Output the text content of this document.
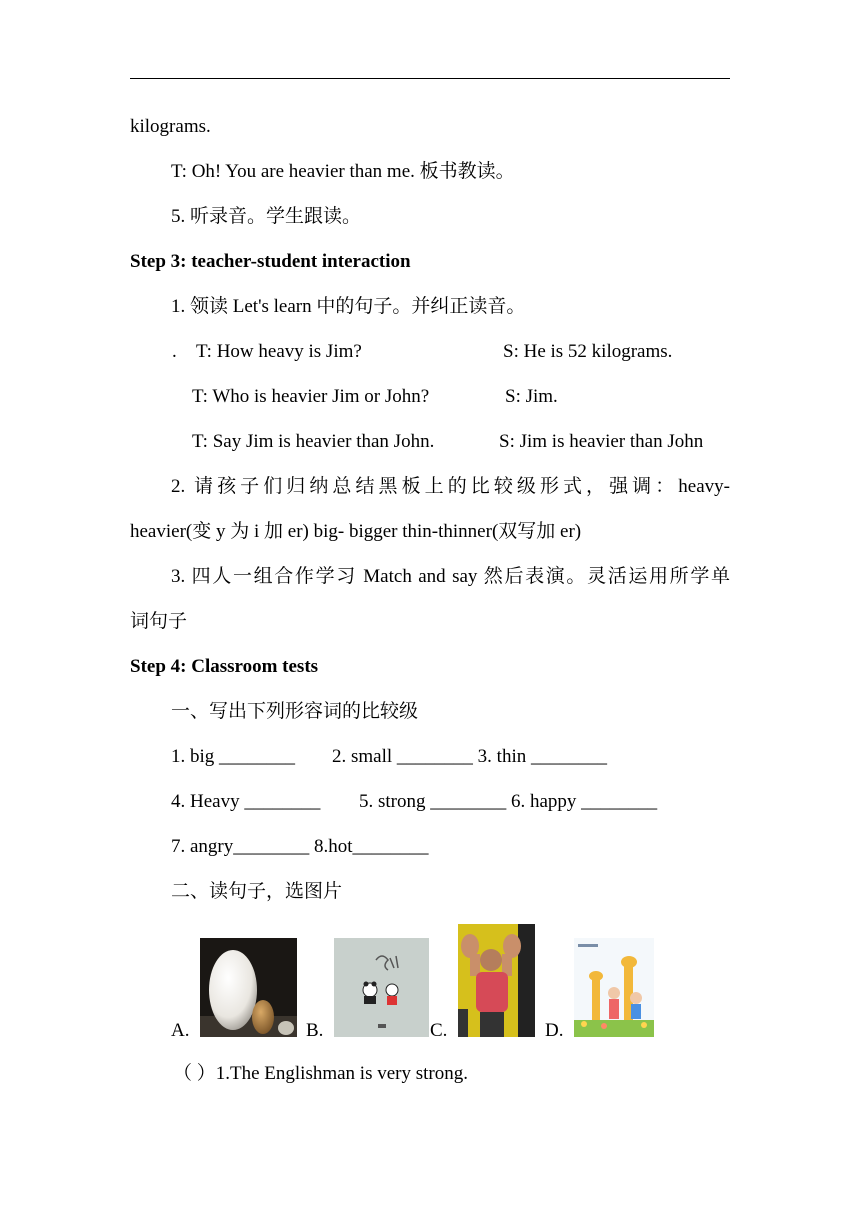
kilograms.
T: Oh! You are heavier than me. 板书教读。
5. 听录音。学生跟读。
Step 3: teacher-student interaction
1. 领读 Let's learn 中的句子。并纠正读音。
. T: How heavy is Jim?	S: He is 52 kilograms.
T: Who is heavier Jim or John?	S: Jim.
T: Say Jim is heavier than John.	S: Jim is heavier than John
2. 请孩子们归纳总结黑板上的比较级形式，强调：heavy-
heavier(变 y 为 i 加 er) big- bigger thin-thinner(双写加 er)
3. 四人一组合作学习 Match and say 然后表演。灵活运用所学单
词句子
Step 4: Classroom tests
一、写出下列形容词的比较级
1. big ________ 2. small ________ 3. thin ________
4. Heavy ________ 5. strong ________ 6. happy ________
7. angry________ 8.hot________
二、读句子，选图片
A.	B.	C.	D.
（ ）1.The Englishman is very strong.
